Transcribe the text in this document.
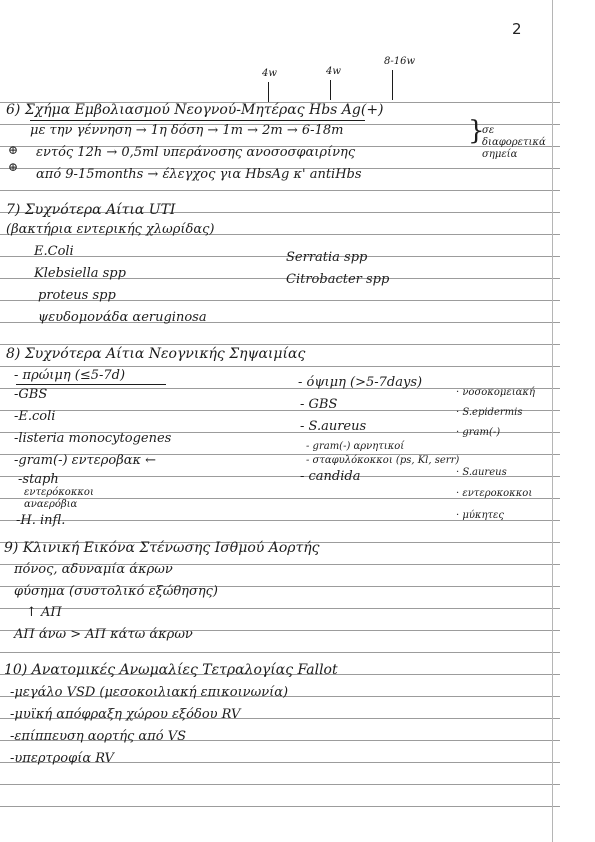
2
4w	4w
8-16w
6) Σχήμα Εμβολιασμού Νεογνού-Μητέρας Hbs Ag(+)
με την γέννηση → 1η δόση → 1m → 2m → 6-18m	}
σε διαφορετικά σημεία
⊕
⊕
εντός 12h → 0,5ml υπεράνοσης ανοσοσφαιρίνης
από 9-15months → έλεγχος για HbsAg κ' antiHbs
7) Συχνότερα Αίτια UTI
(βακτήρια εντερικής χλωρίδας)
E.Coli
Klebsiella spp
proteus spp
ψευδομονάδα αeruginosa
Serratia spp
Citrobacter spp
8) Συχνότερα Αίτια Νεογνικής Σηψαιμίας
- πρώιμη (≤5-7d)
-GBS
-E.coli
-listeria monocytogenes
-gram(-) εντεροβακ ←
-staph
εντερόκοκκοι
αναερόβια
-H. infl.
- όψιμη (>5-7days)
- GBS
- S.aureus
- gram(-) αρνητικοί
- σταφυλόκοκκοι (ps, Kl, serr)
- candida
· νοσοκομειακή
· S.epidermis
· gram(-)
· S.aureus
· εντεροκοκκοι
· μύκητες
9) Κλινική Εικόνα Στένωσης Ισθμού Αορτής
πόνος, αδυναμία άκρων
φύσημα (συστολικό εξώθησης)
↑ ΑΠ
ΑΠ άνω > ΑΠ κάτω άκρων
10) Ανατομικές Ανωμαλίες Τετραλογίας Fallot
-μεγάλο VSD (μεσοκοιλιακή επικοινωνία)
-μυϊκή απόφραξη χώρου εξόδου RV
-επίππευση αορτής από VS
-υπερτροφία RV
